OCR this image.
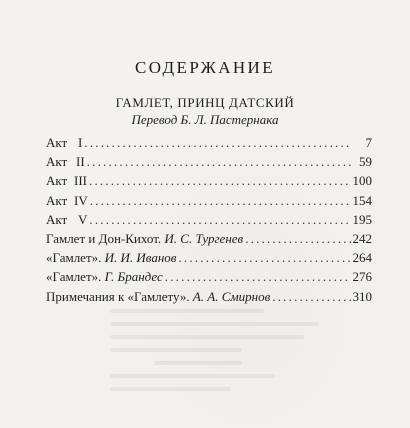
СОДЕРЖАНИЕ
ГАМЛЕТ, ПРИНЦ ДАТСКИЙ
Перевод Б. Л. Пастернака
Акт I .....	7
Акт II .....	59
Акт III .....	100
Акт IV .....	154
Акт V .....	195
Гамлет и Дон-Кихот. И. С. Тургенев .....	242
«Гамлет». И. И. Иванов .....	264
«Гамлет». Г. Брандес .....	276
Примечания к «Гамлету». А. А. Смирнов .....	310
